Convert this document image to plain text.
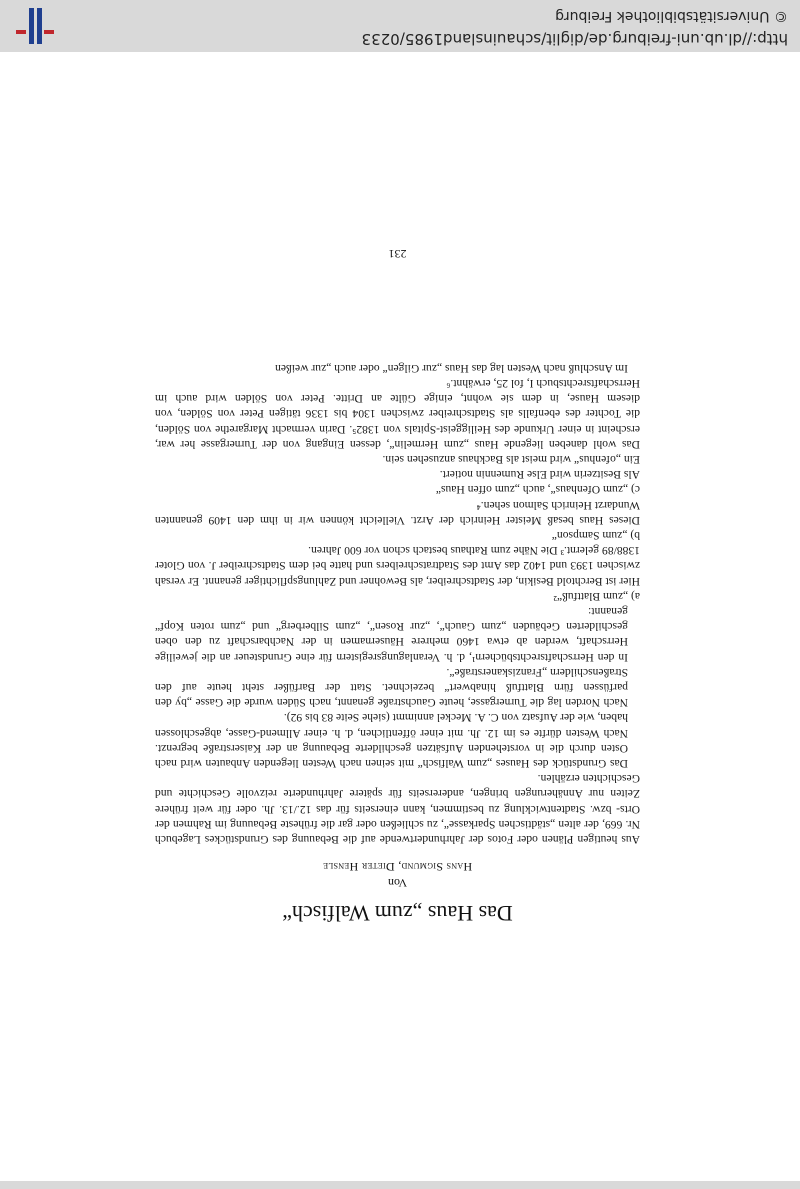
Das Haus „zum Walfisch“
Von
Hans Sigmund, Dieter Hensle

Aus heutigen Plänen oder Fotos der Jahrhundertwende auf die Bebauung des Grundstückes Lagebuch Nr. 669, der alten „städtischen Sparkasse“, zu schließen oder gar die früheste Bebauung im Rahmen der Orts- bzw. Stadtentwicklung zu bestimmen, kann einerseits für das 12./13. Jh. oder für weit frühere Zeiten nur Annäherungen bringen, andererseits für spätere Jahrhunderte reizvolle Geschichte und Geschichten erzählen.

Das Grundstück des Hauses „zum Walfisch“ mit seinen nach Westen liegenden Anbauten wird nach Osten durch die in vorstehenden Aufsätzen geschilderte Bebauung an der Kaiserstraße begrenzt. Nach Westen dürfte es im 12. Jh. mit einer öffentlichen, d. h. einer Allmend-Gasse, abgeschlossen haben, wie der Aufsatz von C. A. Meckel annimmt (siehe Seite 83 bis 92).

Nach Norden lag die Turnergasse, heute Gauchstraße genannt, nach Süden wurde die Gasse „by den parfüssen fürn Blattfuß hinabwert“ bezeichnet. Statt der Barfüßer steht heute auf den Straßenschildern „Franziskanerstraße“.

In den Herrschaftsrechtsbüchern¹, d. h. Veranlagungsregistern für eine Grundsteuer an die jeweilige Herrschaft, werden ab etwa 1460 mehrere Häusernamen in der Nachbarschaft zu den oben geschilderten Gebäuden „zum Gauch“, „zur Rosen“, „zum Silberberg“ und „zum roten Kopf“ genannt:

a) „zum Blattfuß“²

Hier ist Berchtold Besikin, der Stadtschreiber, als Bewohner und Zahlungspflichtiger genannt. Er versah zwischen 1393 und 1402 das Amt des Stadtratschreibers und hatte bei dem Stadtschreiber J. von Gloter 1388/89 gelernt.³ Die Nähe zum Rathaus bestach schon vor 600 Jahren.

b) „zum Sampson“

Dieses Haus besaß Meister Heinrich der Arzt. Vielleicht können wir in ihm den 1409 genannten Wundarzt Heinrich Salmon sehen.⁴

c) „zum Ofenhaus“, auch „zum offen Haus“

Als Besitzerin wird Else Rumennin notiert.

Ein „ofenhus“ wird meist als Backhaus anzusehen sein.

Das wohl daneben liegende Haus „zum Hermelin“, dessen Eingang von der Turnergasse her war, erscheint in einer Urkunde des Heiliggeist-Spitals von 1382⁵. Darin vermacht Margarethe von Sölden, die Tochter des ebenfalls als Stadtschreiber zwischen 1304 bis 1336 tätigen Peter von Sölden, von diesem Hause, in dem sie wohnt, einige Gülte an Dritte. Peter von Sölden wird auch im Herrschaftsrechtsbuch I, fol 25, erwähnt.⁶

Im Anschluß nach Westen lag das Haus „zur Gilgen“ oder auch „zur weißen

231
http://dl.ub.uni-freiburg.de/diglit/schauinsland1985/0233
© Universitätsbibliothek Freiburg
